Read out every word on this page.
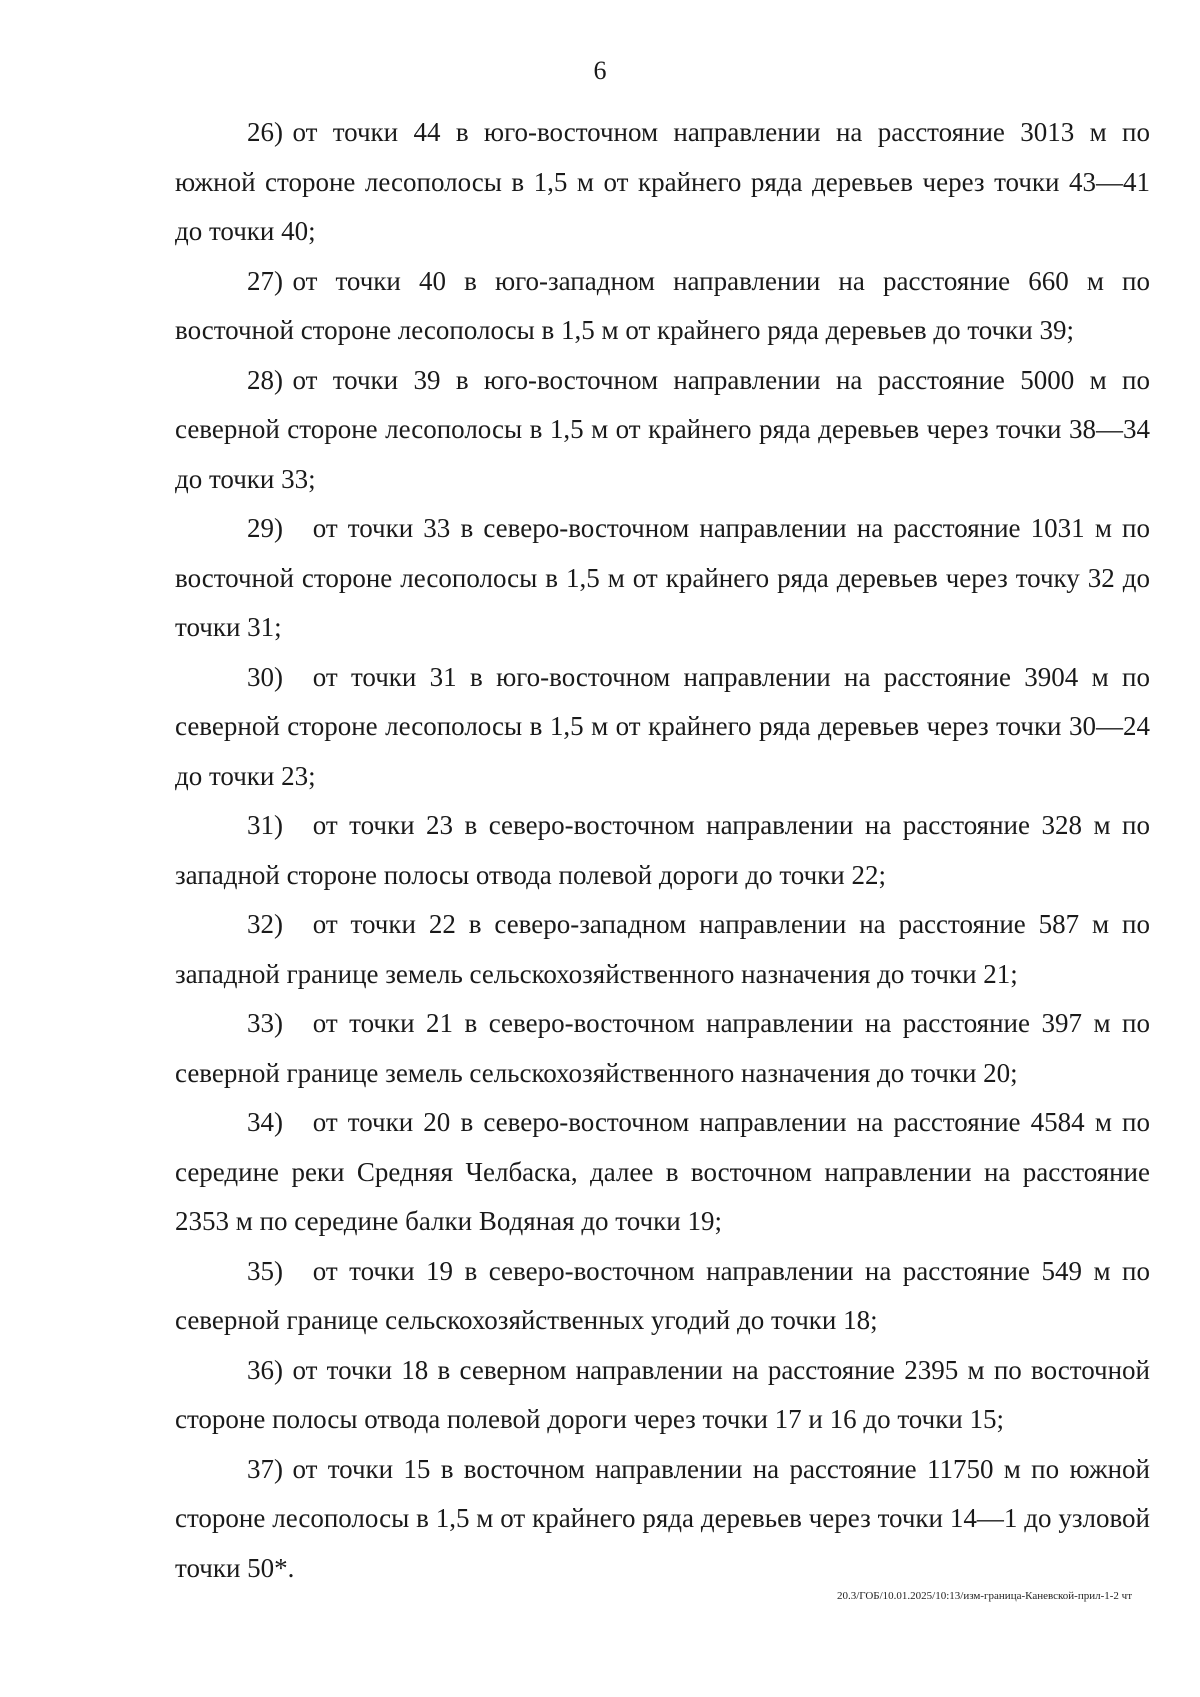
6

26) от точки 44 в юго-восточном направлении на расстояние 3013 м по южной стороне лесополосы в 1,5 м от крайнего ряда деревьев через точки 43—41 до точки 40;

27) от точки 40 в юго-западном направлении на расстояние 660 м по восточной стороне лесополосы в 1,5 м от крайнего ряда деревьев до точки 39;

28) от точки 39 в юго-восточном направлении на расстояние 5000 м по северной стороне лесополосы в 1,5 м от крайнего ряда деревьев через точки 38—34 до точки 33;

29) от точки 33 в северо-восточном направлении на расстояние 1031 м по восточной стороне лесополосы в 1,5 м от крайнего ряда деревьев через точку 32 до точки 31;

30) от точки 31 в юго-восточном направлении на расстояние 3904 м по северной стороне лесополосы в 1,5 м от крайнего ряда деревьев через точки 30—24 до точки 23;

31) от точки 23 в северо-восточном направлении на расстояние 328 м по западной стороне полосы отвода полевой дороги до точки 22;

32) от точки 22 в северо-западном направлении на расстояние 587 м по западной границе земель сельскохозяйственного назначения до точки 21;

33) от точки 21 в северо-восточном направлении на расстояние 397 м по северной границе земель сельскохозяйственного назначения до точки 20;

34) от точки 20 в северо-восточном направлении на расстояние 4584 м по середине реки Средняя Челбаска, далее в восточном направлении на расстояние 2353 м по середине балки Водяная до точки 19;

35) от точки 19 в северо-восточном направлении на расстояние 549 м по северной границе сельскохозяйственных угодий до точки 18;

36) от точки 18 в северном направлении на расстояние 2395 м по восточной стороне полосы отвода полевой дороги через точки 17 и 16 до точки 15;

37) от точки 15 в восточном направлении на расстояние 11750 м по южной стороне лесополосы в 1,5 м от крайнего ряда деревьев через точки 14—1 до узловой точки 50*.

20.3/ГОБ/10.01.2025/10:13/изм-граница-Каневской-прил-1-2 чт
